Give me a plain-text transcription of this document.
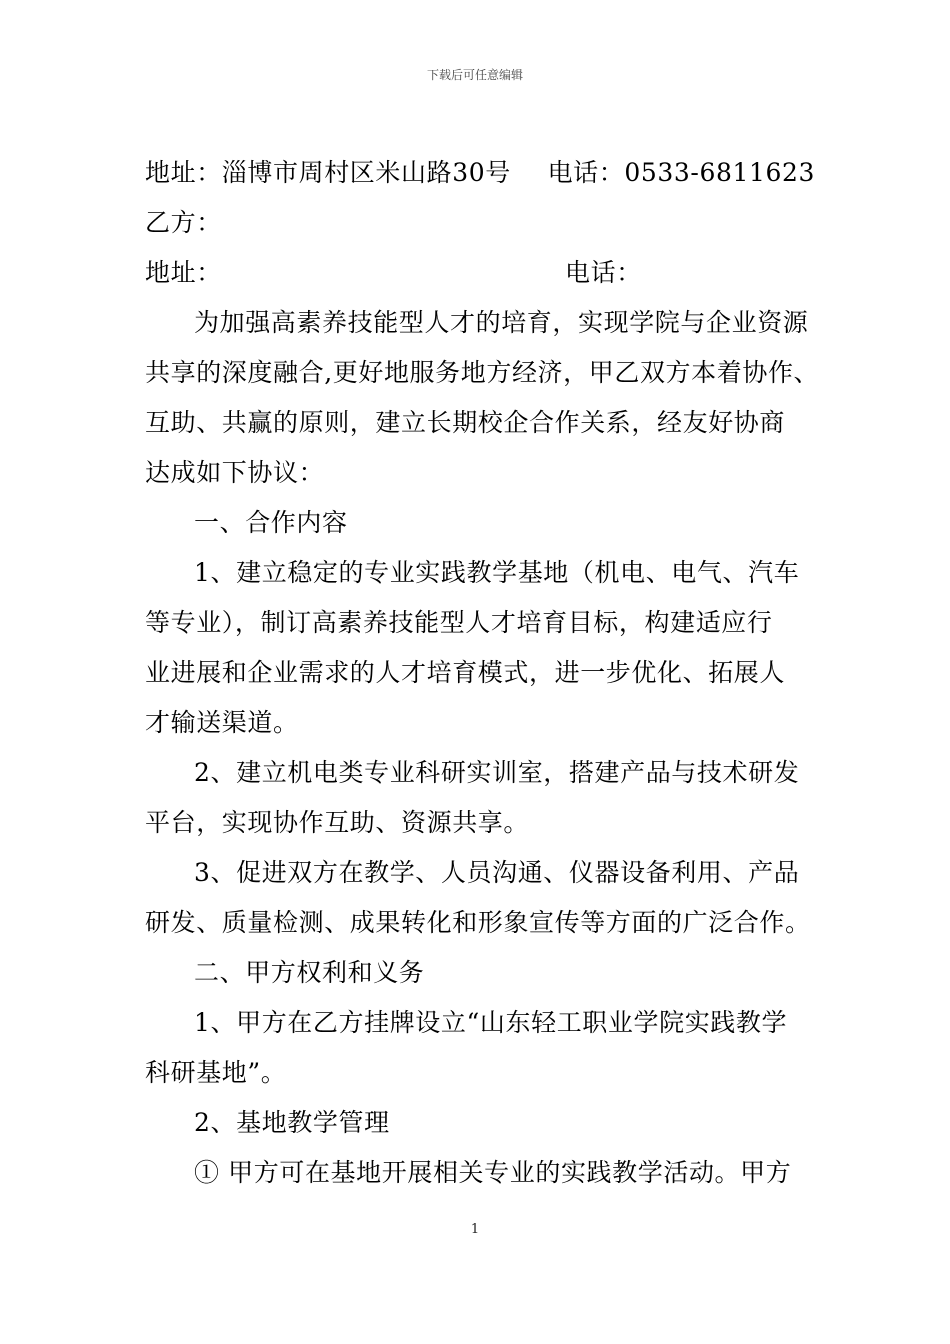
下载后可任意编辑
地址：淄博市周村区米山路30号	电话：0533-6811623
乙方：
地址：	电话：
为加强高素养技能型人才的培育，实现学院与企业资源
共享的深度融合,更好地服务地方经济，甲乙双方本着协作、
互助、共赢的原则，建立长期校企合作关系，经友好协商
达成如下协议：
一、合作内容
1、建立稳定的专业实践教学基地（机电、电气、汽车
等专业），制订高素养技能型人才培育目标，构建适应行
业进展和企业需求的人才培育模式，进一步优化、拓展人
才输送渠道。
2、建立机电类专业科研实训室，搭建产品与技术研发
平台，实现协作互助、资源共享。
3、促进双方在教学、人员沟通、仪器设备利用、产品
研发、质量检测、成果转化和形象宣传等方面的广泛合作。
二、甲方权利和义务
1、甲方在乙方挂牌设立“山东轻工职业学院实践教学
科研基地”。
2、基地教学管理
① 甲方可在基地开展相关专业的实践教学活动。甲方
1
